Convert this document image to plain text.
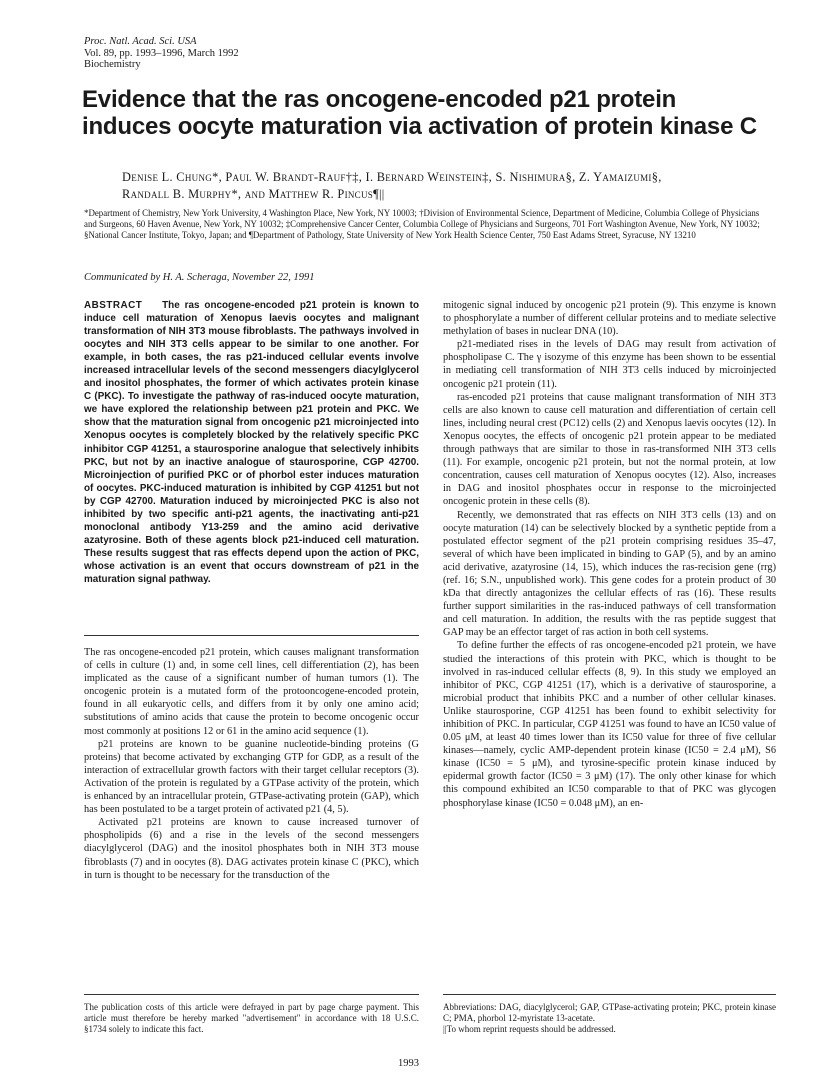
Proc. Natl. Acad. Sci. USA
Vol. 89, pp. 1993–1996, March 1992
Biochemistry
Evidence that the ras oncogene-encoded p21 protein induces oocyte maturation via activation of protein kinase C
Denise L. Chung*, Paul W. Brandt-Rauf†‡, I. Bernard Weinstein‡, S. Nishimura§, Z. Yamaizumi§,
Randall B. Murphy*, and Matthew R. Pincus¶||
*Department of Chemistry, New York University, 4 Washington Place, New York, NY 10003; †Division of Environmental Science, Department of Medicine, Columbia College of Physicians and Surgeons, 60 Haven Avenue, New York, NY 10032; ‡Comprehensive Cancer Center, Columbia College of Physicians and Surgeons, 701 Fort Washington Avenue, New York, NY 10032; §National Cancer Institute, Tokyo, Japan; and ¶Department of Pathology, State University of New York Health Science Center, 750 East Adams Street, Syracuse, NY 13210
Communicated by H. A. Scheraga, November 22, 1991
ABSTRACT The ras oncogene-encoded p21 protein is known to induce cell maturation of Xenopus laevis oocytes and malignant transformation of NIH 3T3 mouse fibroblasts. The pathways involved in oocytes and NIH 3T3 cells appear to be similar to one another. For example, in both cases, the ras p21-induced cellular events involve increased intracellular levels of the second messengers diacylglycerol and inositol phosphates, the former of which activates protein kinase C (PKC). To investigate the pathway of ras-induced oocyte maturation, we have explored the relationship between p21 protein and PKC. We show that the maturation signal from oncogenic p21 microinjected into Xenopus oocytes is completely blocked by the relatively specific PKC inhibitor CGP 41251, a staurosporine analogue that selectively inhibits PKC, but not by an inactive analogue of staurosporine, CGP 42700. Microinjection of purified PKC or of phorbol ester induces maturation of oocytes. PKC-induced maturation is inhibited by CGP 41251 but not by CGP 42700. Maturation induced by microinjected PKC is also not inhibited by two specific anti-p21 agents, the inactivating anti-p21 monoclonal antibody Y13-259 and the amino acid derivative azatyrosine. Both of these agents block p21-induced cell maturation. These results suggest that ras effects depend upon the action of PKC, whose activation is an event that occurs downstream of p21 in the maturation signal pathway.

The ras oncogene-encoded p21 protein, which causes malignant transformation of cells in culture (1) and, in some cell lines, cell differentiation (2), has been implicated as the cause of a significant number of human tumors (1). The oncogenic protein is a mutated form of the protooncogene-encoded protein, found in all eukaryotic cells, and differs from it by only one amino acid; substitutions of amino acids that cause the protein to become oncogenic occur most commonly at positions 12 or 61 in the amino acid sequence (1).

p21 proteins are known to be guanine nucleotide-binding proteins (G proteins) that become activated by exchanging GTP for GDP, as a result of the interaction of extracellular growth factors with their target cellular receptors (3). Activation of the protein is regulated by a GTPase activity of the protein, which is enhanced by an intracellular protein, GTPase-activating protein (GAP), which has been postulated to be a target protein of activated p21 (4, 5).

Activated p21 proteins are known to cause increased turnover of phospholipids (6) and a rise in the levels of the second messengers diacylglycerol (DAG) and the inositol phosphates both in NIH 3T3 mouse fibroblasts (7) and in oocytes (8). DAG activates protein kinase C (PKC), which in turn is thought to be necessary for the transduction of the

The publication costs of this article were defrayed in part by page charge payment. This article must therefore be hereby marked "advertisement" in accordance with 18 U.S.C. §1734 solely to indicate this fact.

mitogenic signal induced by oncogenic p21 protein (9). This enzyme is known to phosphorylate a number of different cellular proteins and to mediate selective methylation of bases in nuclear DNA (10).

p21-mediated rises in the levels of DAG may result from activation of phospholipase C. The γ isozyme of this enzyme has been shown to be essential in mediating cell transformation of NIH 3T3 cells induced by microinjected oncogenic p21 protein (11).

ras-encoded p21 proteins that cause malignant transformation of NIH 3T3 cells are also known to cause cell maturation and differentiation of certain cell lines, including neural crest (PC12) cells (2) and Xenopus laevis oocytes (12). In Xenopus oocytes, the effects of oncogenic p21 protein appear to be mediated through pathways that are similar to those in ras-transformed NIH 3T3 cells (11). For example, oncogenic p21 protein, but not the normal protein, at low concentration, causes cell maturation of Xenopus oocytes (12). Also, increases in DAG and inositol phosphates occur in response to the microinjected oncogenic protein in these cells (8).

Recently, we demonstrated that ras effects on NIH 3T3 cells (13) and on oocyte maturation (14) can be selectively blocked by a synthetic peptide from a postulated effector segment of the p21 protein comprising residues 35–47, several of which have been implicated in binding to GAP (5), and by an amino acid derivative, azatyrosine (14, 15), which induces the ras-recision gene (rrg) (ref. 16; S.N., unpublished work). This gene codes for a protein product of 30 kDa that directly antagonizes the cellular effects of ras (16). These results further support similarities in the ras-induced pathways of cell transformation and cell maturation. In addition, the results with the ras peptide suggest that GAP may be an effector target of ras action in both cell systems.

To define further the effects of ras oncogene-encoded p21 protein, we have studied the interactions of this protein with PKC, which is thought to be involved in ras-induced cellular effects (8, 9). In this study we employed an inhibitor of PKC, CGP 41251 (17), which is a derivative of staurosporine, a microbial product that inhibits PKC and a number of other cellular kinases. Unlike staurosporine, CGP 41251 has been found to exhibit selectivity for inhibition of PKC. In particular, CGP 41251 was found to have an IC50 value of 0.05 μM, at least 40 times lower than its IC50 value for three of five cellular kinases—namely, cyclic AMP-dependent protein kinase (IC50 = 2.4 μM), S6 kinase (IC50 = 5 μM), and tyrosine-specific protein kinase induced by epidermal growth factor (IC50 = 3 μM) (17). The only other kinase for which this compound exhibited an IC50 comparable to that of PKC was glycogen phosphorylase kinase (IC50 = 0.048 μM), an en-

Abbreviations: DAG, diacylglycerol; GAP, GTPase-activating protein; PKC, protein kinase C; PMA, phorbol 12-myristate 13-acetate.
||To whom reprint requests should be addressed.
1993
